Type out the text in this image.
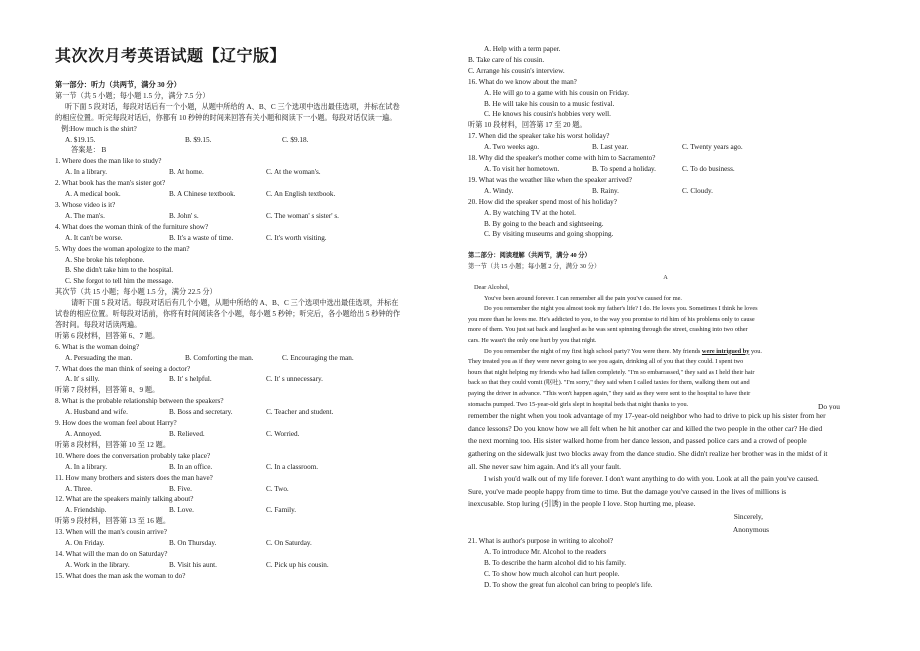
其次次月考英语试题【辽宁版】
第一部分：听力（共两节，满分 30 分）
第一节（共 5 小题；每小题 1.5 分，满分 7.5 分）
听下面 5 段对话，每段对话后有一个小题，从题中所给的 A、B、C 三个选项中选出最佳选项，并标在试卷
的相应位置。听完每段对话后，你都有 10 秒钟的时间来回答有关小题和阅读下一小题。每段对话仅读一遍。
例:How much is the shirt?
A. $19.15.	B. $9.15.	C. $9.18.
答案是： B
1. Where does the man like to study?
A. In a library.	B. At home.	C. At the woman's.
2. What book has the man's sister got?
A. A medical book.	B. A Chinese textbook.	C. An English textbook.
3. Whose video is it?
A. The man's.	B. John' s.	C. The woman' s sister' s.
4. What does the woman think of the furniture show?
A. It can't be worse.	B. It's a waste of time.	C. It's worth visiting.
5. Why does the woman apologize to the man?
A. She broke his telephone.
B. She didn't take him to the hospital.
C. She forgot to tell him the message.
其次节（共 15 小题；每小题 1.5 分，满分 22.5 分）
请听下面 5 段对话。每段对话后有几个小题，从题中所给的 A、B、C 三个选项中选出最佳选项，并标在
试卷的相应位置。听每段对话前，你将有时间阅读各个小题，每小题 5 秒钟；听完后，各小题给出 5 秒钟的作
答时间。每段对话读两遍。
听第 6 段材料，回答第 6、7 题。
6. What is the woman doing?
A. Persuading the man.	B. Comforting the man.	C. Encouraging the man.
7. What does the man think of seeing a doctor?
A. It' s silly.	B. It' s helpful.	C. It' s unnecessary.
听第 7 段材料，回答第 8、9 题。
8. What is the probable relationship between the speakers?
A. Husband and wife.	B. Boss and secretary.	C. Teacher and student.
9. How does the woman feel about Harry?
A. Annoyed.	B. Relieved.	C. Worried.
听第 8 段材料，回答第 10 至 12 题。
10. Where does the conversation probably take place?
A. In a library.	B. In an office.	C. In a classroom.
11. How many brothers and sisters does the man have?
A. Three.	B. Five.	C. Two.
12. What are the speakers mainly talking about?
A. Friendship.	B. Love.	C. Family.
听第 9 段材料，回答第 13 至 16 题。
13. When will the man's cousin arrive?
A. On Friday.	B. On Thursday.	C. On Saturday.
14. What will the man do on Saturday?
A. Work in the library.	B. Visit his aunt.	C. Pick up his cousin.
15. What does the man ask the woman to do?
A. Help with a term paper.
B. Take care of his cousin.
C. Arrange his cousin's interview.
16. What do we know about the man?
A. He will go to a game with his cousin on Friday.
B. He will take his cousin to a music festival.
C. He knows his cousin's hobbies very well.
听第 10 段材料，回答第 17 至 20 题。
17. When did the speaker take his worst holiday?
A. Two weeks ago.	B. Last year.	C. Twenty years ago.
18. Why did the speaker's mother come with him to Sacramento?
A. To visit her hometown.	B. To spend a holiday.	C. To do business.
19. What was the weather like when the speaker arrived?
A. Windy.	B. Rainy.	C. Cloudy.
20. How did the speaker spend most of his holiday?
A. By watching TV at the hotel.
B. By going to the beach and sightseeing.
C. By visiting museums and going shopping.
第二部分：阅读理解（共两节，满分 40 分）
第一节（共 15 小题；每小题 2 分，满分 30 分）
A
Dear Alcohol,
You've been around forever. I can remember all the pain you've caused for me.
Do you remember the night you almost took my father's life? I do. He loves you. Sometimes I think he loves
you more than he loves me. He's addicted to you, to the way you promise to rid him of his problems only to cause
more of them. You just sat back and laughed as he was sent spinning through the street, crashing into two other
cars. He wasn't the only one hurt by you that night.
Do you remember the night of my first high school party? You were there. My friends were intrigued by you.
They treated you as if they were never going to see you again, drinking all of you that they could. I spent two
hours that night helping my friends who had fallen completely. "I'm so embarrassed," they said as I held their hair
back so that they could vomit (呕吐). "I'm sorry," they said when I called taxies for them, walking them out and
paying the driver in advance. "This won't happen again," they said as they were sent to the hospital to have their
stomachs pumped. Two 15-year-old girls slept in hospital beds that night thanks to you.	Do you
remember the night when you took advantage of my 17-year-old neighbor who had to drive to pick up his sister from her
dance lessons? Do you know how we all felt when he hit another car and killed the two people in the other car? He died
the next morning too. His sister walked home from her dance lesson, and passed police cars and a crowd of people
gathering on the sidewalk just two blocks away from the dance studio. She didn't realize her brother was in the midst of it
all. She never saw him again. And it's all your fault.
I wish you'd walk out of my life forever. I don't want anything to do with you. Look at all the pain you've caused.
Sure, you've made people happy from time to time. But the damage you've caused in the lives of millions is
inexcusable. Stop luring (引诱) in the people I love. Stop hurting me, please.
Sincerely,
Anonymous
21. What is author's purpose in writing to alcohol?
A. To introduce Mr. Alcohol to the readers
B. To describe the harm alcohol did to his family.
C. To show how much alcohol can hurt people.
D. To show the great fun alcohol can bring to people's life.
